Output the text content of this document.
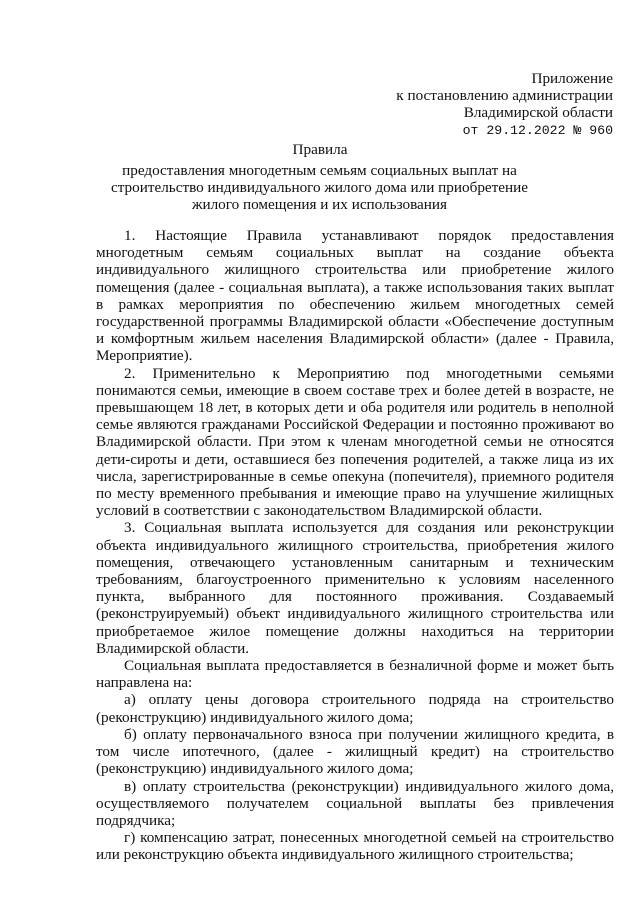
Приложение
к постановлению администрации
Владимирской области
от 29.12.2022 № 960
Правила
предоставления многодетным семьям социальных выплат на строительство индивидуального жилого дома или приобретение жилого помещения и их использования

1. Настоящие Правила устанавливают порядок предоставления многодетным семьям социальных выплат на создание объекта индивидуального жилищного строительства или приобретение жилого помещения (далее - социальная выплата), а также использования таких выплат в рамках мероприятия по обеспечению жильем многодетных семей государственной программы Владимирской области «Обеспечение доступным и комфортным жильем населения Владимирской области» (далее - Правила, Мероприятие).

2. Применительно к Мероприятию под многодетными семьями понимаются семьи, имеющие в своем составе трех и более детей в возрасте, не превышающем 18 лет, в которых дети и оба родителя или родитель в неполной семье являются гражданами Российской Федерации и постоянно проживают во Владимирской области. При этом к членам многодетной семьи не относятся дети-сироты и дети, оставшиеся без попечения родителей, а также лица из их числа, зарегистрированные в семье опекуна (попечителя), приемного родителя по месту временного пребывания и имеющие право на улучшение жилищных условий в соответствии с законодательством Владимирской области.

3. Социальная выплата используется для создания или реконструкции объекта индивидуального жилищного строительства, приобретения жилого помещения, отвечающего установленным санитарным и техническим требованиям, благоустроенного применительно к условиям населенного пункта, выбранного для постоянного проживания. Создаваемый (реконструируемый) объект индивидуального жилищного строительства или приобретаемое жилое помещение должны находиться на территории Владимирской области.

Социальная выплата предоставляется в безналичной форме и может быть направлена на:

а) оплату цены договора строительного подряда на строительство (реконструкцию) индивидуального жилого дома;

б) оплату первоначального взноса при получении жилищного кредита, в том числе ипотечного, (далее - жилищный кредит) на строительство (реконструкцию) индивидуального жилого дома;

в) оплату строительства (реконструкции) индивидуального жилого дома, осуществляемого получателем социальной выплаты без привлечения подрядчика;

г) компенсацию затрат, понесенных многодетной семьей на строительство или реконструкцию объекта индивидуального жилищного строительства;
